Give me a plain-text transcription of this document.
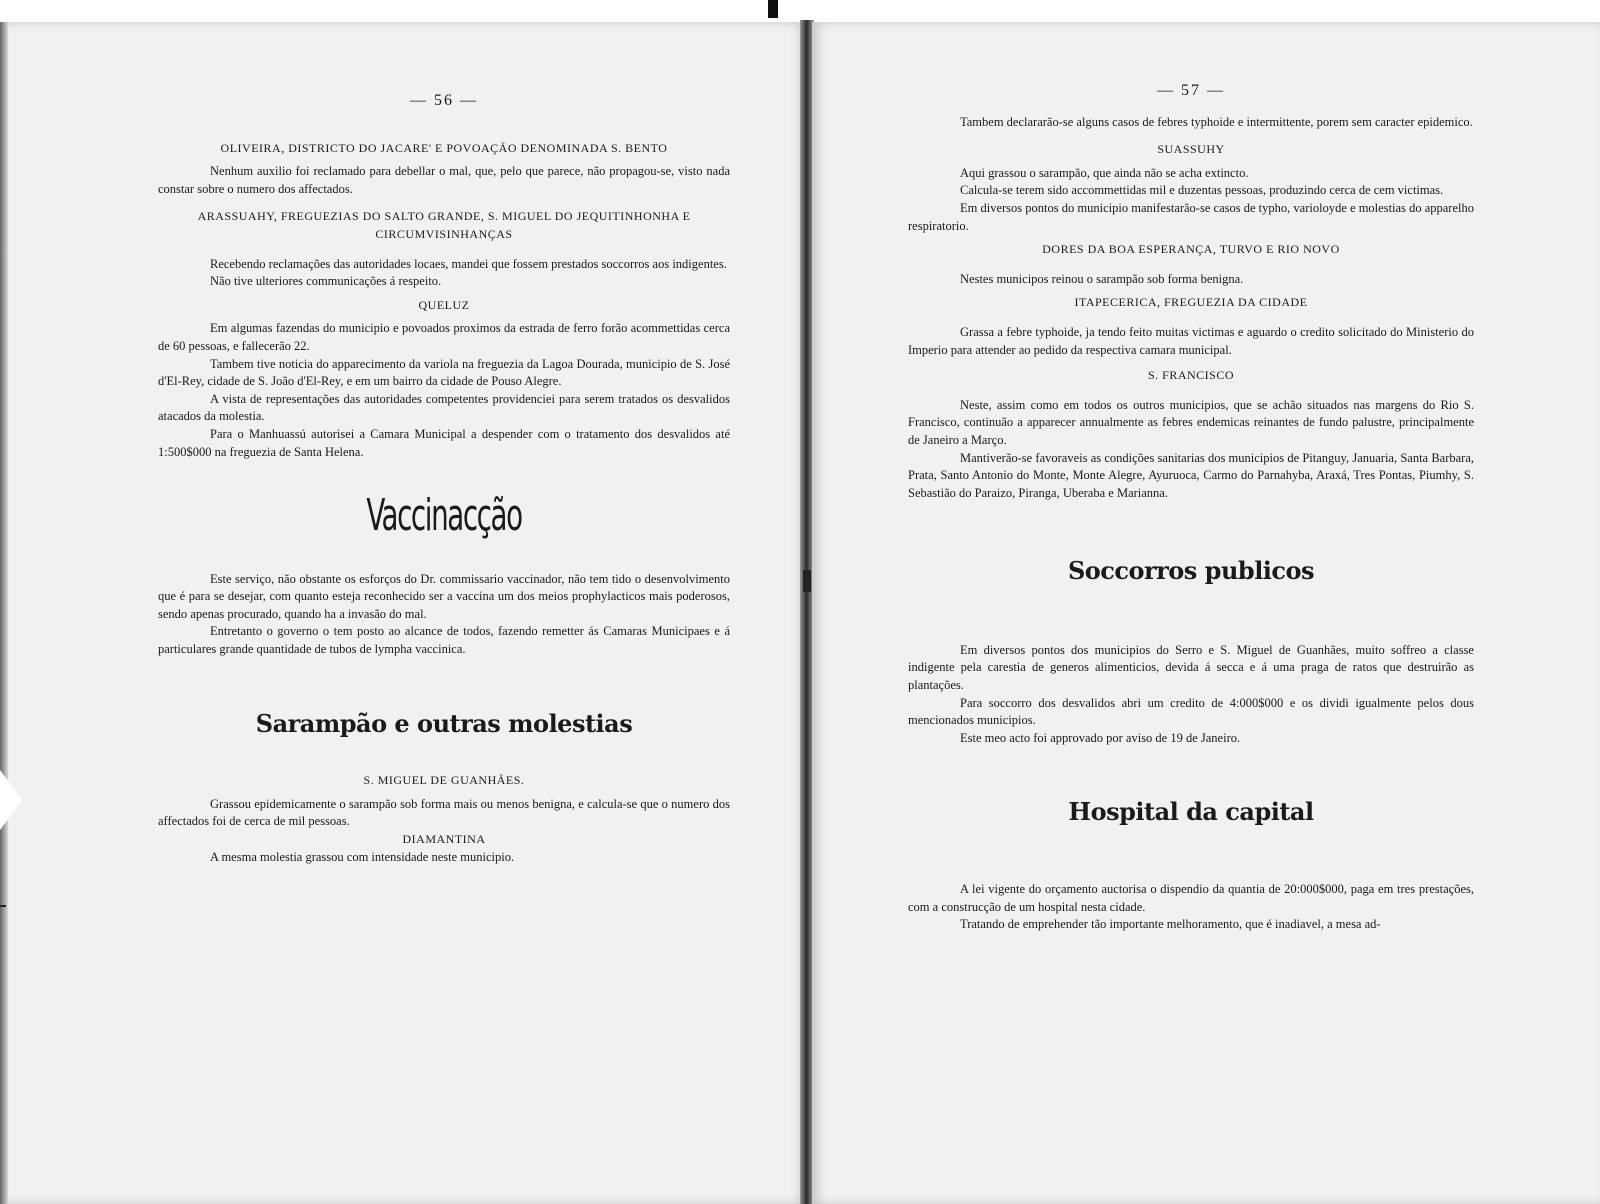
— 56 —
OLIVEIRA, DISTRICTO DO JACARE' E POVOAÇÃO DENOMINADA S. BENTO

Nenhum auxilio foi reclamado para debellar o mal, que, pelo que parece, não propagou-se, visto nada constar sobre o numero dos affectados.

ARASSUAHY, FREGUEZIAS DO SALTO GRANDE, S. MIGUEL DO JEQUITINHONHA E CIRCUMVISINHANÇAS

Recebendo reclamações das autoridades locaes, mandei que fossem prestados soccorros aos indigentes.

Não tive ulteriores communicações á respeito.

QUELUZ

Em algumas fazendas do municipio e povoados proximos da estrada de ferro forão acommettidas cerca de 60 pessoas, e fallecerão 22.

Tambem tive noticia do apparecimento da variola na freguezia da Lagoa Dourada, municipio de S. José d'El-Rey, cidade de S. João d'El-Rey, e em um bairro da cidade de Pouso Alegre.

A vista de representações das autoridades competentes providenciei para serem tratados os desvalidos atacados da molestia.

Para o Manhuassú autorisei a Camara Municipal a despender com o tratamento dos desvalidos até 1:500$000 na freguezia de Santa Helena.

Vaccinacção

Este serviço, não obstante os esforços do Dr. commissario vaccinador, não tem tido o desenvolvimento que é para se desejar, com quanto esteja reconhecido ser a vaccina um dos meios prophylacticos mais poderosos, sendo apenas procurado, quando ha a invasão do mal.

Entretanto o governo o tem posto ao alcance de todos, fazendo remetter ás Camaras Municipaes e á particulares grande quantidade de tubos de lympha vaccinica.

Sarampão e outras molestias
S. MIGUEL DE GUANHÃES.

Grassou epidemicamente o sarampão sob forma mais ou menos benigna, e calcula-se que o numero dos affectados foi de cerca de mil pessoas.

DIAMANTINA

A mesma molestia grassou com intensidade neste municipio.

— 57 —

Tambem declararão-se alguns casos de febres typhoide e intermittente, porem sem caracter epidemico.

SUASSUHY

Aqui grassou o sarampão, que ainda não se acha extincto.

Calcula-se terem sido accommettidas mil e duzentas pessoas, produzindo cerca de cem victimas.

Em diversos pontos do municipio manifestarão-se casos de typho, varioloyde e molestias do apparelho respiratorio.

DORES DA BOA ESPERANÇA, TURVO E RIO NOVO

Nestes municipos reinou o sarampão sob forma benigna.

ITAPECERICA, FREGUEZIA DA CIDADE

Grassa a febre typhoide, ja tendo feito muitas victimas e aguardo o credito solicitado do Ministerio do Imperio para attender ao pedido da respectiva camara municipal.

S. FRANCISCO

Neste, assim como em todos os outros municipios, que se achão situados nas margens do Rio S. Francisco, continuão a apparecer annualmente as febres endemicas reinantes de fundo palustre, principalmente de Janeiro a Março.

Mantiverão-se favoraveis as condições sanitarias dos municipios de Pitanguy, Januaria, Santa Barbara, Prata, Santo Antonio do Monte, Monte Alegre, Ayuruoca, Carmo do Parnahyba, Araxá, Tres Pontas, Piumhy, S. Sebastião do Paraizo, Piranga, Uberaba e Marianna.

Soccorros publicos

Em diversos pontos dos municipios do Serro e S. Miguel de Guanhães, muito soffreo a classe indigente pela carestia de generos alimenticios, devida á secca e á uma praga de ratos que destruirão as plantações.

Para soccorro dos desvalidos abri um credito de 4:000$000 e os dividi igualmente pelos dous mencionados municipios.

Este meo acto foi approvado por aviso de 19 de Janeiro.

Hospital da capital

A lei vigente do orçamento auctorisa o dispendio da quantia de 20:000$000, paga em tres prestações, com a construcção de um hospital nesta cidade.

Tratando de emprehender tão importante melhoramento, que é inadiavel, a mesa ad-
